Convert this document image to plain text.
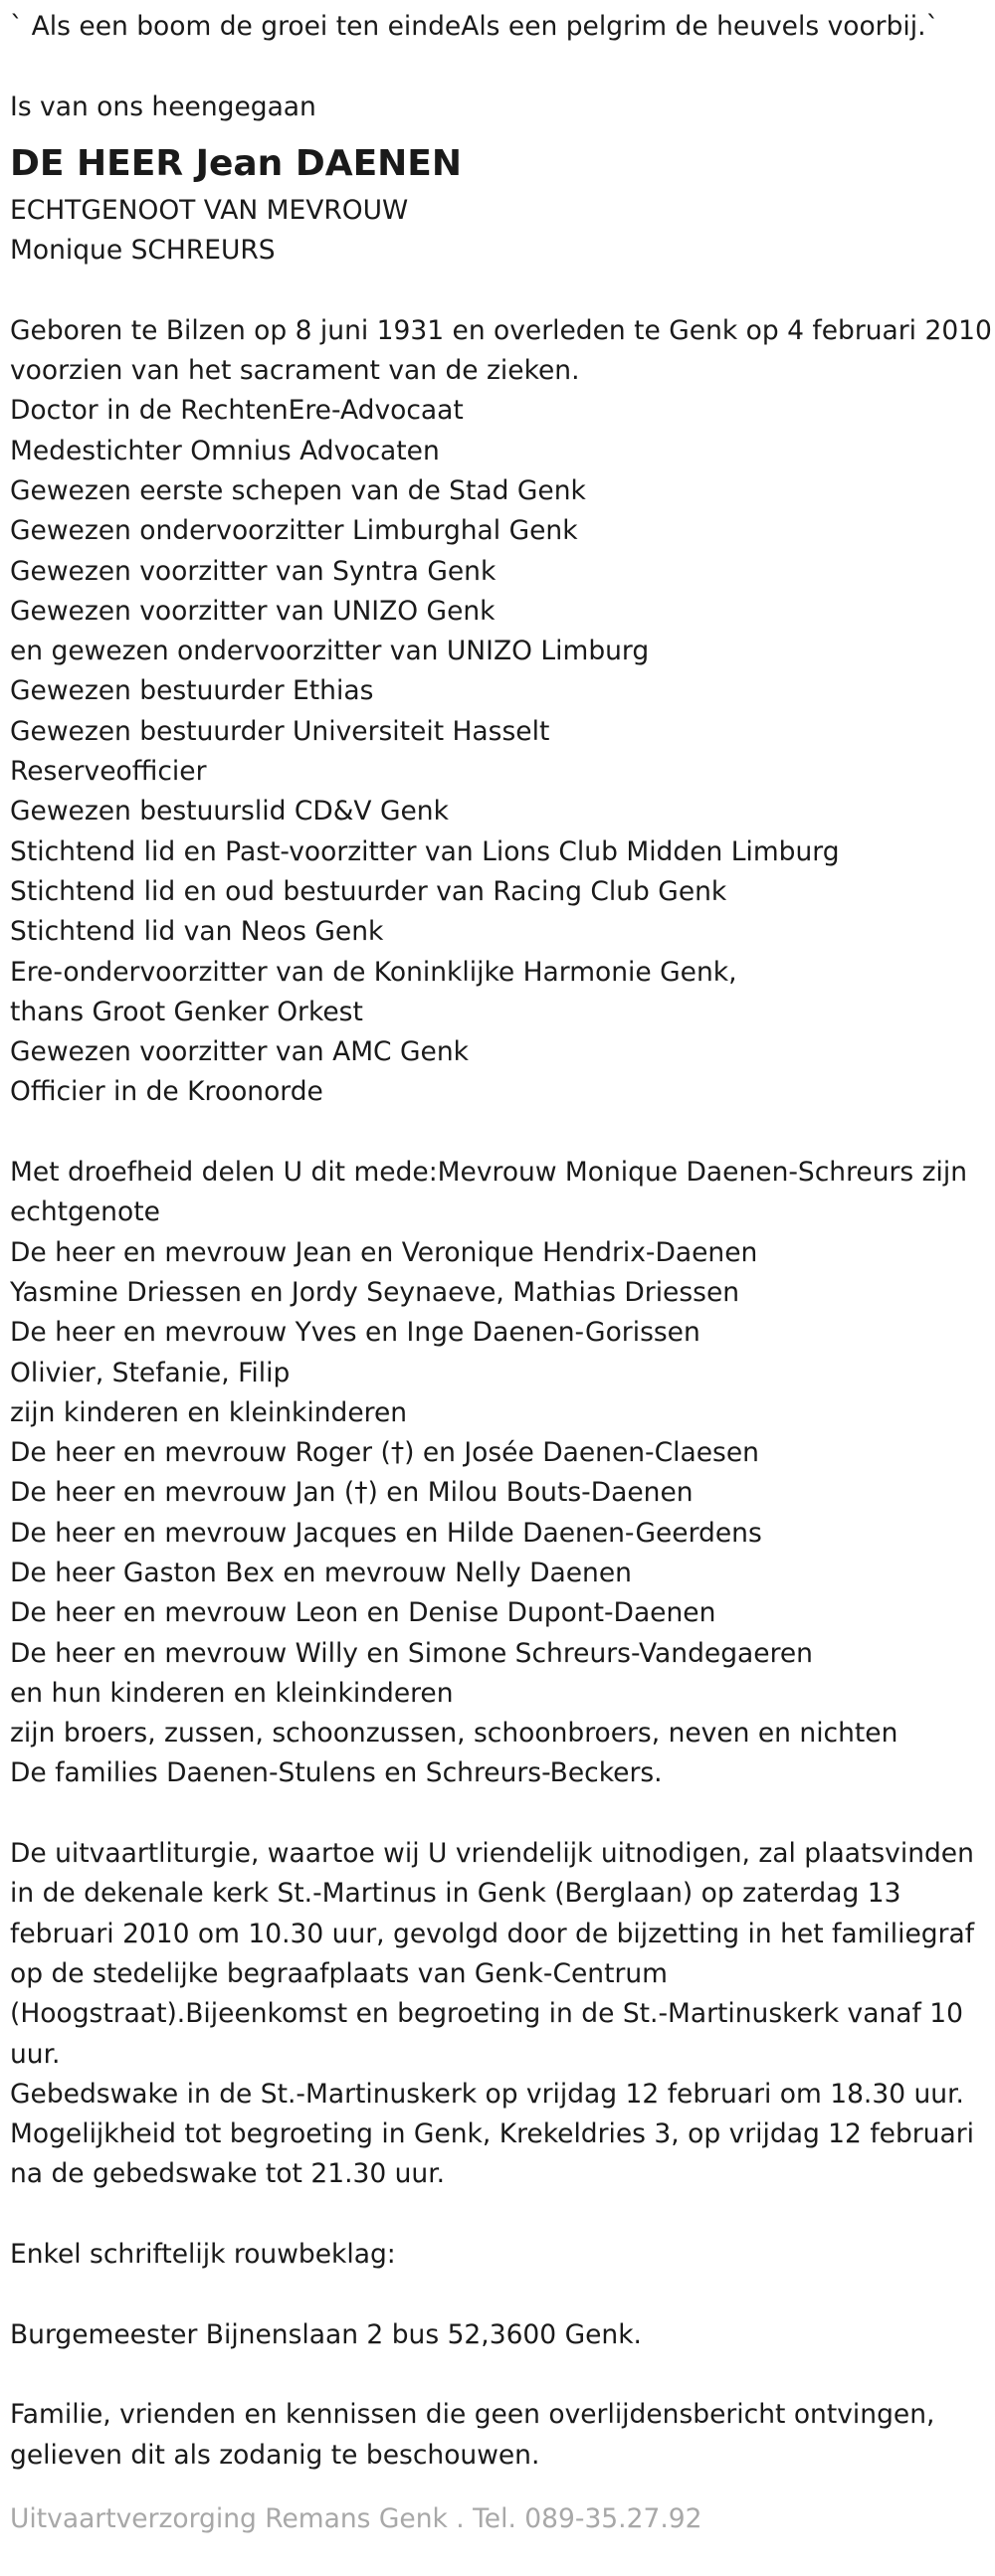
` Als een boom de groei ten eindeAls een pelgrim de heuvels voorbij.`

Is van ons heengegaan

DE HEER Jean DAENEN

ECHTGENOOT VAN MEVROUW

Monique SCHREURS

Geboren te Bilzen op 8 juni 1931 en overleden te Genk op 4 februari 2010

voorzien van het sacrament van de zieken.

Doctor in de RechtenEre-Advocaat

Medestichter Omnius Advocaten

Gewezen eerste schepen van de Stad Genk

Gewezen ondervoorzitter Limburghal Genk

Gewezen voorzitter van Syntra Genk

Gewezen voorzitter van UNIZO Genk

en gewezen ondervoorzitter van UNIZO Limburg

Gewezen bestuurder Ethias

Gewezen bestuurder Universiteit Hasselt

Reserveofficier

Gewezen bestuurslid CD&V Genk

Stichtend lid en Past-voorzitter van Lions Club Midden Limburg

Stichtend lid en oud bestuurder van Racing Club Genk

Stichtend lid van Neos Genk

Ere-ondervoorzitter van de Koninklijke Harmonie Genk,

thans Groot Genker Orkest

Gewezen voorzitter van AMC Genk

Officier in de Kroonorde

Met droefheid delen U dit mede:Mevrouw Monique Daenen-Schreurs zijn

echtgenote

De heer en mevrouw Jean en Veronique Hendrix-Daenen

Yasmine Driessen en Jordy Seynaeve, Mathias Driessen

De heer en mevrouw Yves en Inge Daenen-Gorissen

Olivier, Stefanie, Filip

zijn kinderen en kleinkinderen

De heer en mevrouw Roger (†) en Josée Daenen-Claesen

De heer en mevrouw Jan (†) en Milou Bouts-Daenen

De heer en mevrouw Jacques en Hilde Daenen-Geerdens

De heer Gaston Bex en mevrouw Nelly Daenen

De heer en mevrouw Leon en Denise Dupont-Daenen

De heer en mevrouw Willy en Simone Schreurs-Vandegaeren

en hun kinderen en kleinkinderen

zijn broers, zussen, schoonzussen, schoonbroers, neven en nichten

De families Daenen-Stulens en Schreurs-Beckers.

De uitvaartliturgie, waartoe wij U vriendelijk uitnodigen, zal plaatsvinden

in de dekenale kerk St.-Martinus in Genk (Berglaan) op zaterdag 13

februari 2010 om 10.30 uur, gevolgd door de bijzetting in het familiegraf

op de stedelijke begraafplaats van Genk-Centrum

(Hoogstraat).Bijeenkomst en begroeting in de St.-Martinuskerk vanaf 10

uur.

Gebedswake in de St.-Martinuskerk op vrijdag 12 februari om 18.30 uur.

Mogelijkheid tot begroeting in Genk, Krekeldries 3, op vrijdag 12 februari

na de gebedswake tot 21.30 uur.

Enkel schriftelijk rouwbeklag:

Burgemeester Bijnenslaan 2 bus 52,3600 Genk.

Familie, vrienden en kennissen die geen overlijdensbericht ontvingen,

gelieven dit als zodanig te beschouwen.

Uitvaartverzorging Remans Genk . Tel. 089-35.27.92
